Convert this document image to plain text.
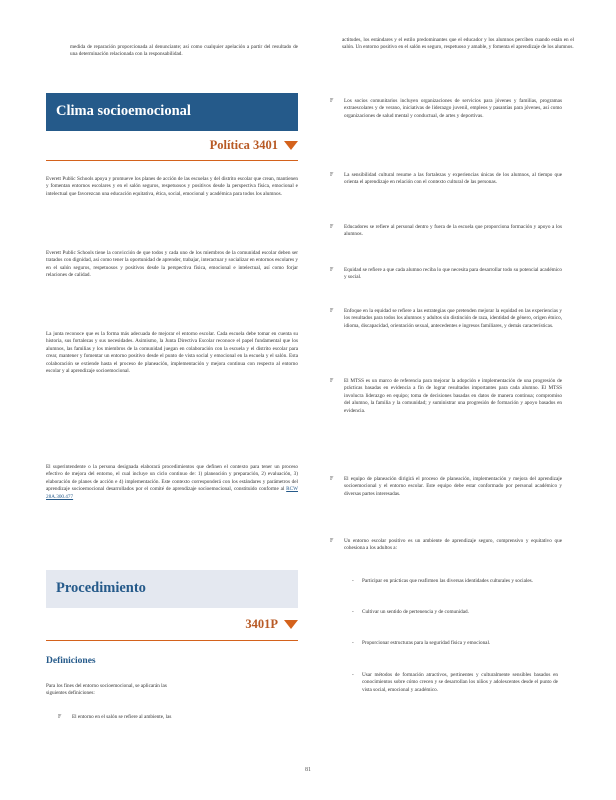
medida de reparación proporcionada al denunciante; así como cualquier apelación a partir del resultado de una determinación relacionada con la responsabilidad.

Clima socioemocional
Política 3401

Everett Public Schools apoya y promueve los planes de acción de las escuelas y del distrito escolar que crean, mantienen y fomentan entornos escolares y en el salón seguros, respetuosos y positivos desde la perspectiva física, emocional e intelectual que favorezcan una educación equitativa, ética, social, emocional y académica para todos los alumnos.

Everett Public Schools tiene la convicción de que todos y cada uno de los miembros de la comunidad escolar deben ser tratados con dignidad, así como tener la oportunidad de aprender, trabajar, interactuar y socializar en entornos escolares y en el salón seguros, respetuosos y positivos desde la perspectiva física, emocional e intelectual, así como forjar relaciones de calidad.

La junta reconoce que es la forma más adecuada de mejorar el entorno escolar. Cada escuela debe tomar en cuenta su historia, sus fortalezas y sus necesidades. Asimismo, la Junta Directiva Escolar reconoce el papel fundamental que los alumnos, las familias y los miembros de la comunidad juegan en colaboración con la escuela y el distrito escolar para crear, mantener y fomentar un entorno positivo desde el punto de vista social y emocional en la escuela y el salón. Esta colaboración se extiende hasta el proceso de planeación, implementación y mejora continua con respecto al entorno escolar y al aprendizaje socioemocional.

El superintendente o la persona designada elaborará procedimientos que definen el contexto para tener un proceso efectivo de mejora del entorno, el cual incluye un ciclo continuo de: 1) planeación y preparación, 2) evaluación, 3) elaboración de planes de acción e 4) implementación. Este contexto corresponderá con los estándares y parámetros del aprendizaje socioemocional desarrollados por el comité de aprendizaje socioemocional, constituido conforme al RCW 28A.300.477

Procedimiento
3401P
Definiciones

Para los fines del entorno socioemocional, se aplicarán las siguientes definiciones:

F El entorno en el salón se refiere al ambiente, las

actitudes, los estándares y el estilo predominantes que el educador y los alumnos perciben cuando están en el salón. Un entorno positivo en el salón es seguro, respetuoso y amable, y fomenta el aprendizaje de los alumnos.

F Los socios comunitarios incluyen organizaciones de servicios para jóvenes y familias, programas extraescolares y de verano, iniciativas de liderazgo juvenil, empleos y pasantías para jóvenes, así como organizaciones de salud mental y conductual, de artes y deportivas.

F La sensibilidad cultural resume a las fortalezas y experiencias únicas de los alumnos, al tiempo que orienta el aprendizaje en relación con el contexto cultural de las personas.

F Educadores se refiere al personal dentro y fuera de la escuela que proporciona formación y apoyo a los alumnos.

F Equidad se refiere a que cada alumno reciba lo que necesita para desarrollar todo su potencial académico y social.

F Enfoque en la equidad se refiere a las estrategias que pretenden mejorar la equidad en las experiencias y los resultados para todos los alumnos y adultos sin distinción de raza, identidad de género, origen étnico, idioma, discapacidad, orientación sexual, antecedentes e ingresos familiares, y demás características.

F El MTSS es un marco de referencia para mejorar la adopción e implementación de una progresión de prácticas basadas en evidencia a fin de lograr resultados importantes para cada alumno. El MTSS involucra liderazgo en equipo; toma de decisiones basadas en datos de manera continua; compromiso del alumno, la familia y la comunidad; y suministrar una progresión de formación y apoyo basados en evidencia.

F El equipo de planeación dirigirá el proceso de planeación, implementación y mejora del aprendizaje socioemocional y el entorno escolar. Este equipo debe estar conformado por personal académico y diversas partes interesadas.

F Un entorno escolar positivo es un ambiente de aprendizaje seguro, comprensivo y equitativo que cohesiona a los adultos a:

- Participar en prácticas que reafirmen las diversas identidades culturales y sociales.

- Cultivar un sentido de pertenencia y de comunidad.

- Proporcionar estructuras para la seguridad física y emocional.

- Usar métodos de formación atractivos, pertinentes y culturalmente sensibles basados en conocimientos sobre cómo crecen y se desarrollan los niños y adolescentes desde el punto de vista social, emocional y académico.

81
